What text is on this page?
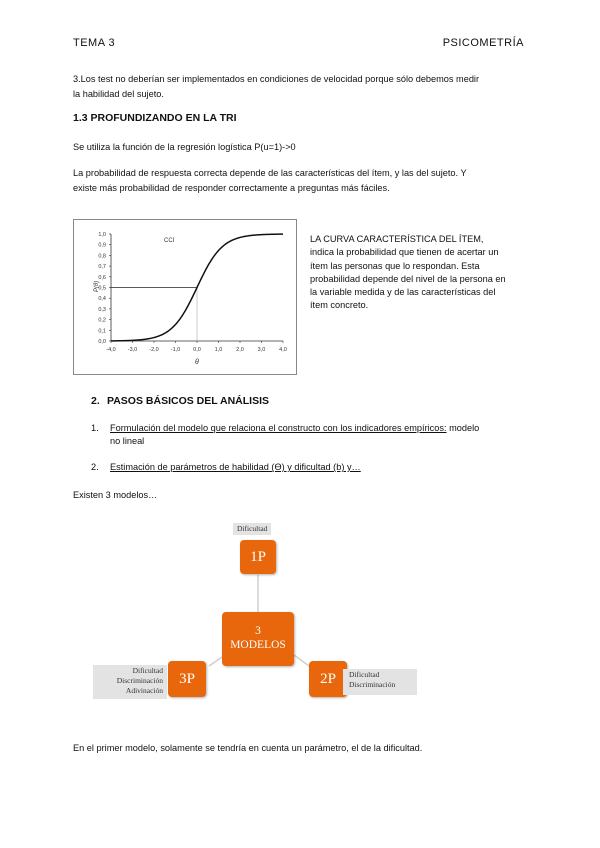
TEMA 3	PSICOMETRÍA
3.Los test no deberían ser implementados en condiciones de velocidad porque sólo debemos medir
la habilidad del sujeto.
1.3 PROFUNDIZANDO EN LA TRI
Se utiliza la función de la regresión logística P(u=1)->0
La probabilidad de respuesta correcta depende de las características del ítem, y las del sujeto. Y
existe más probabilidad de responder correctamente a preguntas más fáciles.
CCI
P(θ)
θ
0,0
0,1
0,2
0,3
0,4
0,5
0,6
0,7
0,8
0,9
1,0
-4,0 -3,0 -2,0 -1,0 0,0	1,0	2,0	3,0	4,0
LA CURVA CARACTERÍSTICA DEL ÍTEM,
indica la probabilidad que tienen de acertar un
ítem las personas que lo respondan. Esta
probabilidad depende del nivel de la persona en
la variable medida y de las características del
ítem concreto.
2. PASOS BÁSICOS DEL ANÁLISIS
1. Formulación del modelo que relaciona el constructo con los indicadores empíricos: modelo
no lineal
2. Estimación de parámetros de habilidad (Ɵ) y dificultad (b) y…
Existen 3 modelos…
Dificultad
1P
3
MODELOS
Dificultad
Discriminación
Adivinación
3P	2P	Dificultad
Discriminación
En el primer modelo, solamente se tendría en cuenta un parámetro, el de la dificultad.
